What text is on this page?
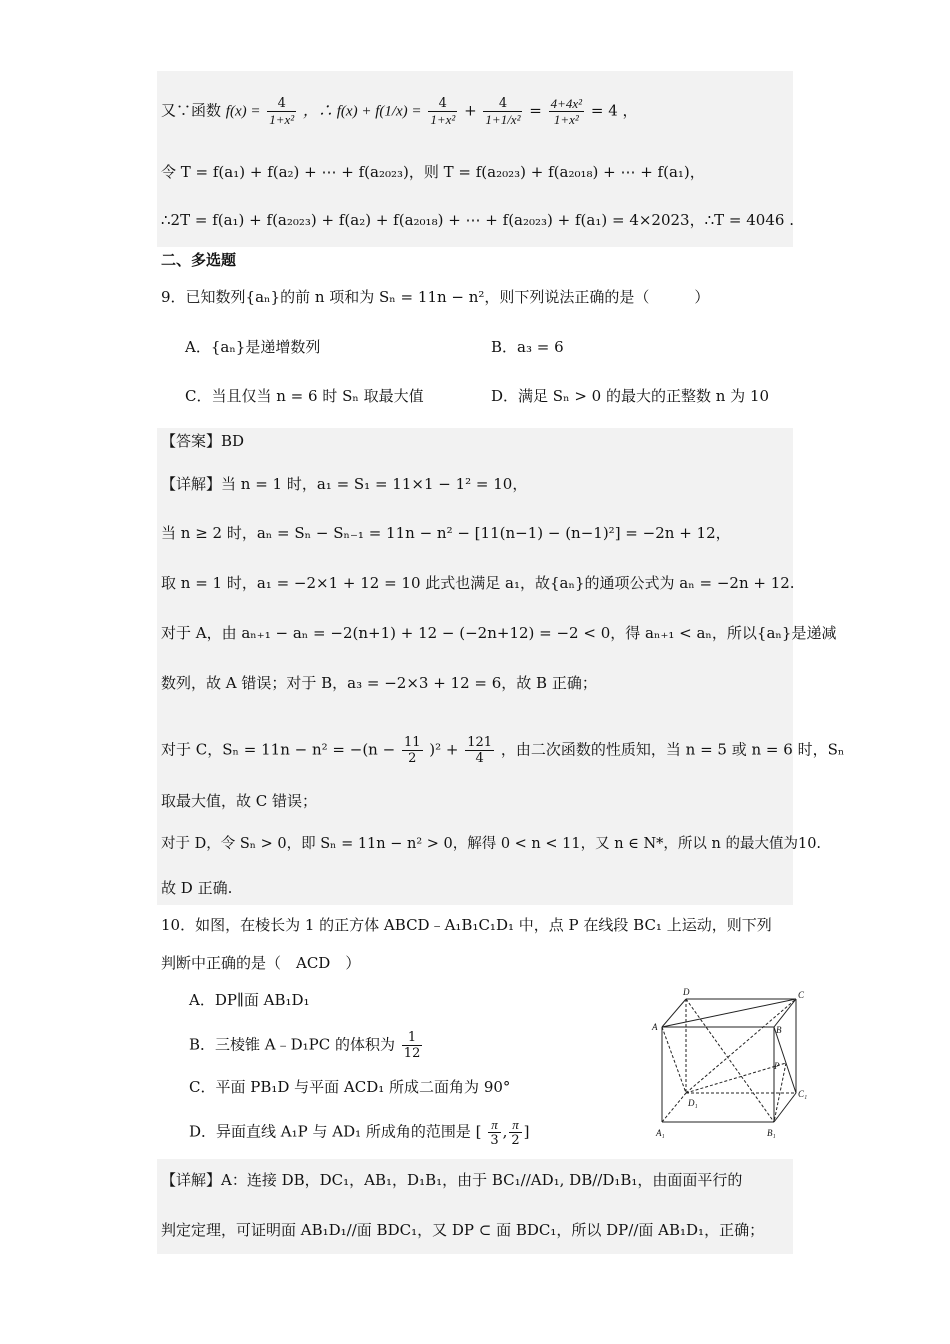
又∵函数 $f(x) = \frac{4}{\text{1+x²}}$ ，∴ $f(x) + f(1/x) = \frac{4}{\text{1+x²}} + \frac{4}{\text{1+1/x²}} = \frac{\text{4+4x²}}{\text{1+x²}} = 4$ ，
令 T = f(a₁) + f(a₂) + ⋯ + f(a₂₀₂₃)，则 T = f(a₂₀₂₃) + f(a₂₀₁₈) + ⋯ + f(a₁)，
∴2T = f(a₁) + f(a₂₀₂₃) + f(a₂) + f(a₂₀₁₈) + ⋯ + f(a₂₀₂₃) + f(a₁) = 4×2023，∴T = 4046 .
二、多选题
9．已知数列{aₙ}的前 n 项和为 Sₙ = 11n − n²，则下列说法正确的是（　　　）
A．{aₙ}是递增数列	B．a₃ = 6
C．当且仅当 n = 6 时 Sₙ 取最大值	D．满足 Sₙ > 0 的最大的正整数 n 为 10
【答案】BD
【详解】当 n = 1 时，a₁ = S₁ = 11×1 − 1² = 10，
当 n ≥ 2 时，aₙ = Sₙ − Sₙ₋₁ = 11n − n² − [11(n−1) − (n−1)²] = −2n + 12，
取 n = 1 时，a₁ = −2×1 + 12 = 10 此式也满足 a₁，故{aₙ}的通项公式为 aₙ = −2n + 12.
对于 A，由 aₙ₊₁ − aₙ = −2(n+1) + 12 − (−2n+12) = −2 < 0，得 aₙ₊₁ < aₙ，所以{aₙ}是递减
数列，故 A 错误；对于 B，a₃ = −2×3 + 12 = 6，故 B 正确；
对于 C，$S_n = 11n - n^2 = -(n - \frac{11}{2} )^2 + \frac{121}{4}$ ，由二次函数的性质知，当 n = 5 或 n = 6 时，Sₙ
取最大值，故 C 错误；
对于 D，令 Sₙ > 0，即 Sₙ = 11n − n² > 0，解得 0 < n < 11，又 n ∈ N*，所以 n 的最大值为10.
故 D 正确.
10．如图，在棱长为 1 的正方体 ABCD﹣A₁B₁C₁D₁ 中，点 P 在线段 BC₁ 上运动，则下列
判断中正确的是（　ACD　）
A．DP∥面 AB₁D₁
B．三棱锥 A﹣D₁PC 的体积为 $\frac{1}{12}$
C．平面 PB₁D 与平面 ACD₁ 所成二面角为 90°
D．异面直线 A₁P 与 AD₁ 所成角的范围是 [ $\frac{\pi}{3}$ , $\frac{\pi}{2}$ ]
D	C
A	B
P
D₁
C₁
A₁	B₁
【详解】A：连接 DB，DC₁，AB₁，D₁B₁，由于 BC₁//AD₁, DB//D₁B₁，由面面平行的
判定定理，可证明面 AB₁D₁//面 BDC₁，又 DP ⊂ 面 BDC₁，所以 DP//面 AB₁D₁，正确；
